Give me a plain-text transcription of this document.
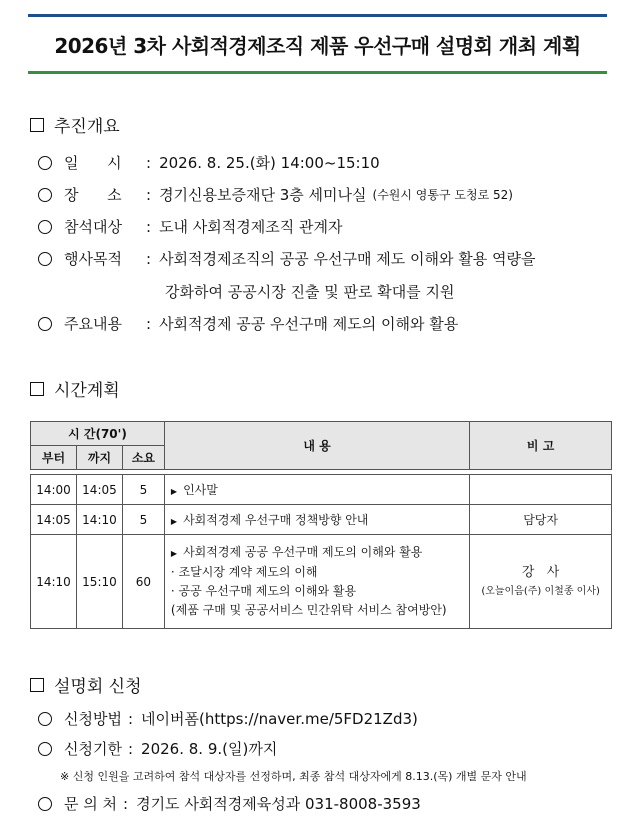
2026년 3차 사회적경제조직 제품 우선구매 설명회 개최 계획
추진개요
일      시	: 2026. 8. 25.(화) 14:00~15:10
장      소	: 경기신용보증재단 3층 세미나실 (수원시 영통구 도청로 52)
참석대상	: 도내 사회적경제조직 관계자
행사목적	: 사회적경제조직의 공공 우선구매 제도 이해와 활용 역량을
강화하여 공공시장 진출 및 판로 확대를 지원
주요내용	: 사회적경제 공공 우선구매 제도의 이해와 활용
시간계획
시 간(70')			내 용	비 고
부터	까지	소요		

14:00	14:05	5	▶ 인사말	
14:05	14:10	5	▶ 사회적경제 우선구매 정책방향 안내	담당자
14:10	15:10	60	▶ 사회적경제 공공 우선구매 제도의 이해와 활용
· 조달시장 계약 제도의 이해
· 공공 우선구매 제도의 이해와 활용
(제품 구매 및 공공서비스 민간위탁 서비스 참여방안)	강   사
(오늘이음(주) 이철종 이사)
설명회 신청
신청방법 : 네이버폼(https://naver.me/5FD21Zd3)
신청기한 : 2026. 8. 9.(일)까지
※ 신청 인원을 고려하여 참석 대상자를 선정하며, 최종 참석 대상자에게 8.13.(목) 개별 문자 안내
문 의 처 : 경기도 사회적경제육성과 031-8008-3593
